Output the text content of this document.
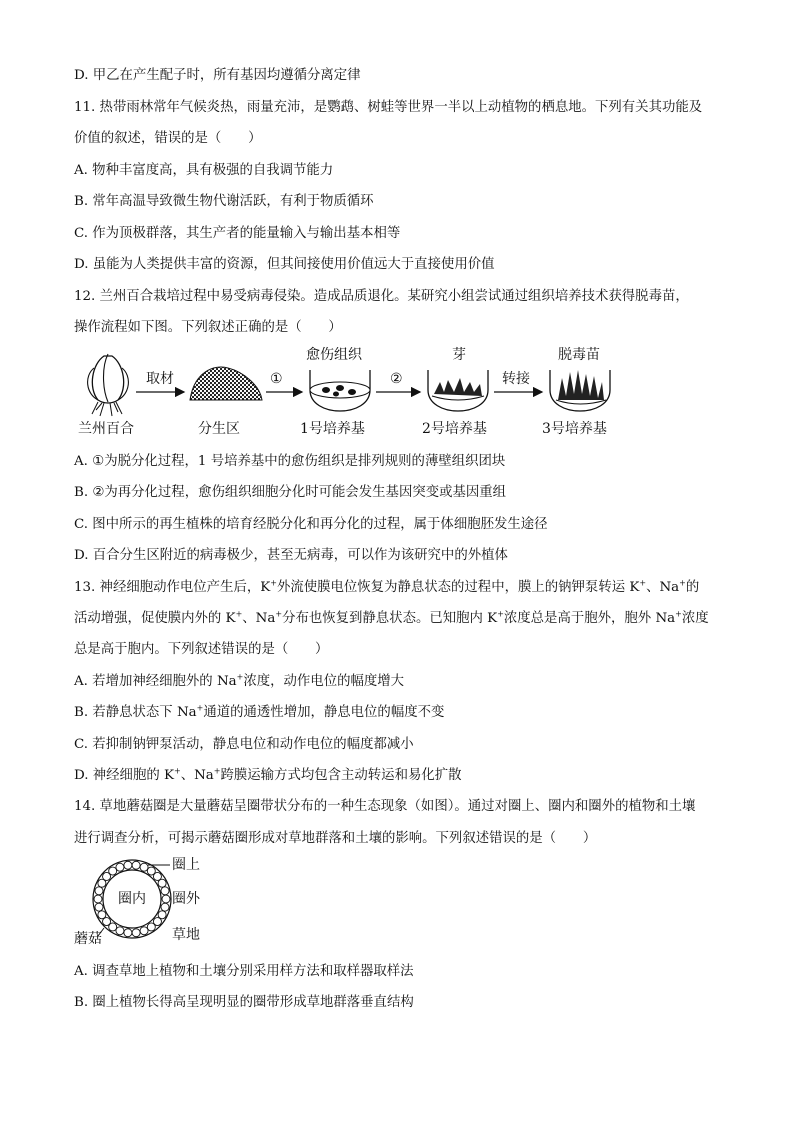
D. 甲乙在产生配子时，所有基因均遵循分离定律
11. 热带雨林常年气候炎热，雨量充沛，是鹦鹉、树蛙等世界一半以上动植物的栖息地。下列有关其功能及
价值的叙述，错误的是（　　）
A. 物种丰富度高，具有极强的自我调节能力
B. 常年高温导致微生物代谢活跃，有利于物质循环
C. 作为顶极群落，其生产者的能量输入与输出基本相等
D. 虽能为人类提供丰富的资源，但其间接使用价值远大于直接使用价值
12. 兰州百合栽培过程中易受病毒侵染。造成品质退化。某研究小组尝试通过组织培养技术获得脱毒苗，
操作流程如下图。下列叙述正确的是（　　）
取材	①
愈伤组织
②
芽
转接
脱毒苗
兰州百合	分生区	1号培养基	2号培养基	3号培养基
A. ①为脱分化过程，1 号培养基中的愈伤组织是排列规则的薄壁组织团块
B. ②为再分化过程，愈伤组织细胞分化时可能会发生基因突变或基因重组
C. 图中所示的再生植株的培育经脱分化和再分化的过程，属于体细胞胚发生途径
D. 百合分生区附近的病毒极少，甚至无病毒，可以作为该研究中的外植体
13. 神经细胞动作电位产生后，K+外流使膜电位恢复为静息状态的过程中，膜上的钠钾泵转运 K+、Na+的
活动增强，促使膜内外的 K+、Na+分布也恢复到静息状态。已知胞内 K+浓度总是高于胞外，胞外 Na+浓度
总是高于胞内。下列叙述错误的是（　　）
A. 若增加神经细胞外的 Na+浓度，动作电位的幅度增大
B. 若静息状态下 Na+通道的通透性增加，静息电位的幅度不变
C. 若抑制钠钾泵活动，静息电位和动作电位的幅度都减小
D. 神经细胞的 K+、Na+跨膜运输方式均包含主动转运和易化扩散
14. 草地蘑菇圈是大量蘑菇呈圈带状分布的一种生态现象（如图）。通过对圈上、圈内和圈外的植物和土壤
进行调查分析，可揭示蘑菇圈形成对草地群落和土壤的影响。下列叙述错误的是（　　）
圈上
圈内 圈外
蘑菇	草地
A. 调查草地上植物和土壤分别采用样方法和取样器取样法
B. 圈上植物长得高呈现明显的圈带形成草地群落垂直结构
